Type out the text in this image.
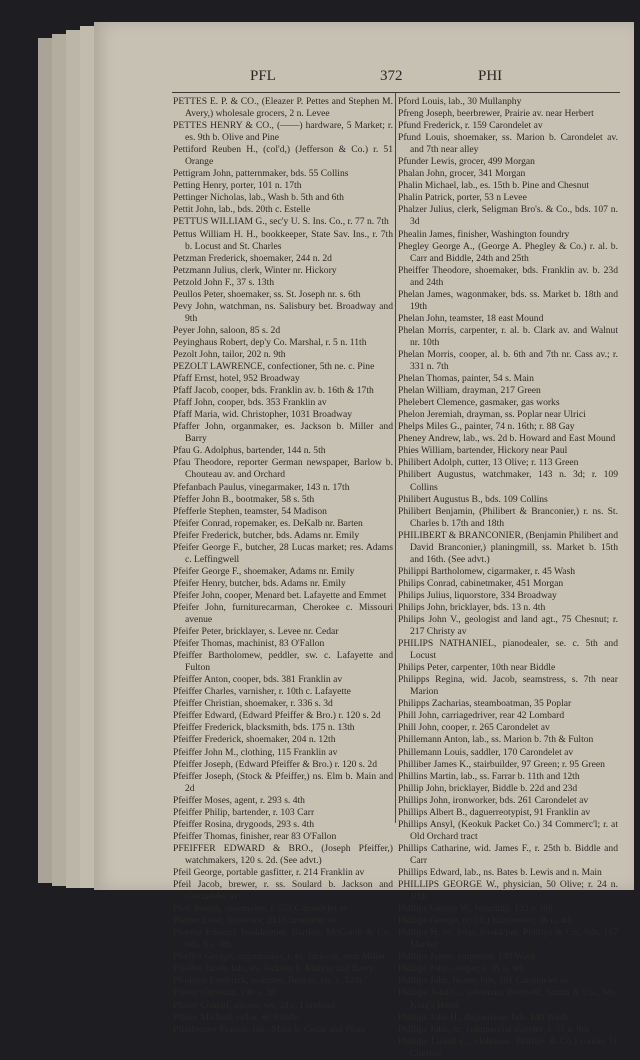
PFL	372	PHI

PETTES E. P. & CO., (Eleazer P. Pettes and Stephen M. Avery,) wholesale grocers, 2 n. Levee

PETTES HENRY & CO., (——) hardware, 5 Market; r. es. 9th b. Olive and Pine

Pettiford Reuben H., (col'd,) (Jefferson & Co.) r. 51 Orange

Pettigram John, patternmaker, bds. 55 Collins

Petting Henry, porter, 101 n. 17th

Pettinger Nicholas, lab., Wash b. 5th and 6th

Pettit John, lab., bds. 20th c. Estelle

PETTUS WILLIAM G., sec'y U. S. Ins. Co., r. 77 n. 7th

Pettus William H. H., bookkeeper, State Sav. Ins., r. 7th b. Locust and St. Charles

Petzman Frederick, shoemaker, 244 n. 2d

Petzmann Julius, clerk, Winter nr. Hickory

Petzold John F., 37 s. 13th

Peullos Peter, shoemaker, ss. St. Joseph nr. s. 6th

Pevy John, watchman, ns. Salisbury bet. Broadway and 9th

Peyer John, saloon, 85 s. 2d

Peyinghaus Robert, dep'y Co. Marshal, r. 5 n. 11th

Pezolt John, tailor, 202 n. 9th

PEZOLT LAWRENCE, confectioner, 5th ne. c. Pine

Pfaff Ernst, hotel, 952 Broadway

Pfaff Jacob, cooper, bds. Franklin av. b. 16th & 17th

Pfaff John, cooper, bds. 353 Franklin av

Pfaff Maria, wid. Christopher, 1031 Broadway

Pfaffer John, organmaker, es. Jackson b. Miller and Barry

Pfau G. Adolphus, bartender, 144 n. 5th

Pfau Theodore, reporter German newspaper, Barlow b. Chouteau av. and Orchard

Pfefanbach Paulus, vinegarmaker, 143 n. 17th

Pfeffer John B., bootmaker, 58 s. 5th

Pfefferle Stephen, teamster, 54 Madison

Pfeifer Conrad, ropemaker, es. DeKalb nr. Barten

Pfeifer Frederick, butcher, bds. Adams nr. Emily

Pfeifer George F., butcher, 28 Lucas market; res. Adams c. Leffingwell

Pfeifer George F., shoemaker, Adams nr. Emily

Pfeifer Henry, butcher, bds. Adams nr. Emily

Pfeifer John, cooper, Menard bet. Lafayette and Emmet

Pfeifer John, furniturecarman, Cherokee c. Missouri avenue

Pfeifer Peter, bricklayer, s. Levee nr. Cedar

Pfeifer Thomas, machinist, 83 O'Fallon

Pfeiffer Bartholomew, peddler, sw. c. Lafayette and Fulton

Pfeiffer Anton, cooper, bds. 381 Franklin av

Pfeiffer Charles, varnisher, r. 10th c. Lafayette

Pfeiffer Christian, shoemaker, r. 336 s. 3d

Pfeiffer Edward, (Edward Pfeiffer & Bro.) r. 120 s. 2d

Pfeiffer Frederick, blacksmith, bds. 175 n. 13th

Pfeiffer Frederick, shoemaker, 204 n. 12th

Pfeiffer John M., clothing, 115 Franklin av

Pfeiffer Joseph, (Edward Pfeiffer & Bro.) r. 120 s. 2d

Pfeiffer Joseph, (Stock & Pfeiffer,) ns. Elm b. Main and 2d

Pfeiffer Moses, agent, r. 293 s. 4th

Pfeiffer Philip, bartender, r. 103 Carr

Pfeiffer Rosina, drygoods, 293 s. 4th

Pfeiffer Thomas, finisher, rear 83 O'Fallon

PFEIFFER EDWARD & BRO., (Joseph Pfeiffer,) watchmakers, 120 s. 2d. (See advt.)

Pfeil George, portable gasfitter, r. 214 Franklin av

Pfeil Jacob, brewer, r. ss. Soulard b. Jackson and Carondelet av

Pfeil Joseph, shoemaker, r. 351 Carondelet av

Pferfer Leon, fruitstore, 243 Carondelet av

Pfershe Edward, bookkeeper, Bartlett, McComb & Co., bds. 6 s. 4th

Pfieffer George, organmaker, r. es. Jackson, near Miller

Pfieffer Jacob, lab., es. Jackson b. Marion and Barry

Pfinkson Frederick, teamster, Benton, sw. c. 12th

Pfister Christian, 190 s. 2d

Pfister Conrad, saloon, ws. 2d c. Lombard

Pfister Michael, tailor, 60 Biddle

Pfleihenger Francis, lab., Main b. Cedar and Plum

Pford Louis, lab., 30 Mullanphy

Pfreng Joseph, beerbrewer, Prairie av. near Herbert

Pfund Frederick, r. 159 Carondelet av

Pfund Louis, shoemaker, ss. Marion b. Carondelet av. and 7th near alley

Pfunder Lewis, grocer, 499 Morgan

Phalan John, grocer, 341 Morgan

Phalin Michael, lab., es. 15th b. Pine and Chesnut

Phalin Patrick, porter, 53 n Levee

Phalzer Julius, clerk, Seligman Bro's. & Co., bds. 107 n. 3d

Phealin James, finisher, Washington foundry

Phegley George A., (George A. Phegley & Co.) r. al. b. Carr and Biddle, 24th and 25th

Pheiffer Theodore, shoemaker, bds. Franklin av. b. 23d and 24th

Phelan James, wagonmaker, bds. ss. Market b. 18th and 19th

Phelan John, teamster, 18 east Mound

Phelan Morris, carpenter, r. al. b. Clark av. and Walnut nr. 10th

Phelan Morris, cooper, al. b. 6th and 7th nr. Cass av.; r. 331 n. 7th

Phelan Thomas, painter, 54 s. Main

Phelan William, drayman, 217 Green

Phelebert Clemence, gasmaker, gas works

Phelon Jeremiah, drayman, ss. Poplar near Ulrici

Phelps Miles G., painter, 74 n. 16th; r. 88 Gay

Pheney Andrew, lab., ws. 2d b. Howard and East Mound

Phies William, bartender, Hickory near Paul

Philibert Adolph, cutter, 13 Olive; r. 113 Green

Philibert Augustus, watchmaker, 143 n. 3d; r. 109 Collins

Philibert Augustus B., bds. 109 Collins

Philibert Benjamin, (Philibert & Branconier,) r. ns. St. Charles b. 17th and 18th

PHILIBERT & BRANCONIER, (Benjamin Philibert and David Branconier,) planingmill, ss. Market b. 15th and 16th. (See advt.)

Philippi Bartholomew, cigarmaker, r. 45 Wash

Philips Conrad, cabinetmaker, 451 Morgan

Philips Julius, liquorstore, 334 Broadway

Philips John, bricklayer, bds. 13 n. 4th

Philips John V., geologist and land agt., 75 Chesnut; r. 217 Christy av

PHILIPS NATHANIEL, pianodealer, se. c. 5th and Locust

Philips Peter, carpenter, 10th near Biddle

Philipps Regina, wid. Jacob, seamstress, s. 7th near Marion

Philipps Zacharias, steamboatman, 35 Poplar

Phill John, carriagedriver, rear 42 Lombard

Phill John, cooper, r. 265 Carondelet av

Phillemann Anton, lab., ss. Marion b. 7th & Fulton

Phillemann Louis, saddler, 170 Carondelet av

Philliber James K., stairbuilder, 97 Green; r. 95 Green

Phillins Martin, lab., ss. Farrar b. 11th and 12th

Phillip John, bricklayer, Biddle b. 22d and 23d

Phillips John, ironworker, bds. 261 Carondelet av

Phillips Albert B., daguerreotypist, 91 Franklin av

Phillips Ansyl, (Keokuk Packet Co.) 34 Commerc'l; r. at Old Orchard tract

Phillips Catharine, wid. James F., r. 25th b. Biddle and Carr

Phillips Edward, lab., ns. Bates b. Lewis and n. Main

PHILLIPS GEORGE W., physician, 50 Olive; r. 24 n. 10th

Phillips George W., boarding, 132 n. 6th

Phillips George, (col'd,) hairdresser, 36 n. 4th

Phillips H. St. John, bookk'per, Phillips & Co., bds. 167 Market

Phillips James, carpenter, 149 Wash

Phillips John, cooper, r. 35 n. 9th

Phillips John, heater, bds. 261 Carondelet av

Phillips John C., salesman, Berthold, Smith & Co., bds. King's Hotel

Phillips John H., daguerrean, bds. 149 Wash

Phillips John, Jr., commercial traveler, r. 35 n. 9th

Phillips Lionel C., (Johnson, Phillips & Co.) rooms 31 Chesnut
